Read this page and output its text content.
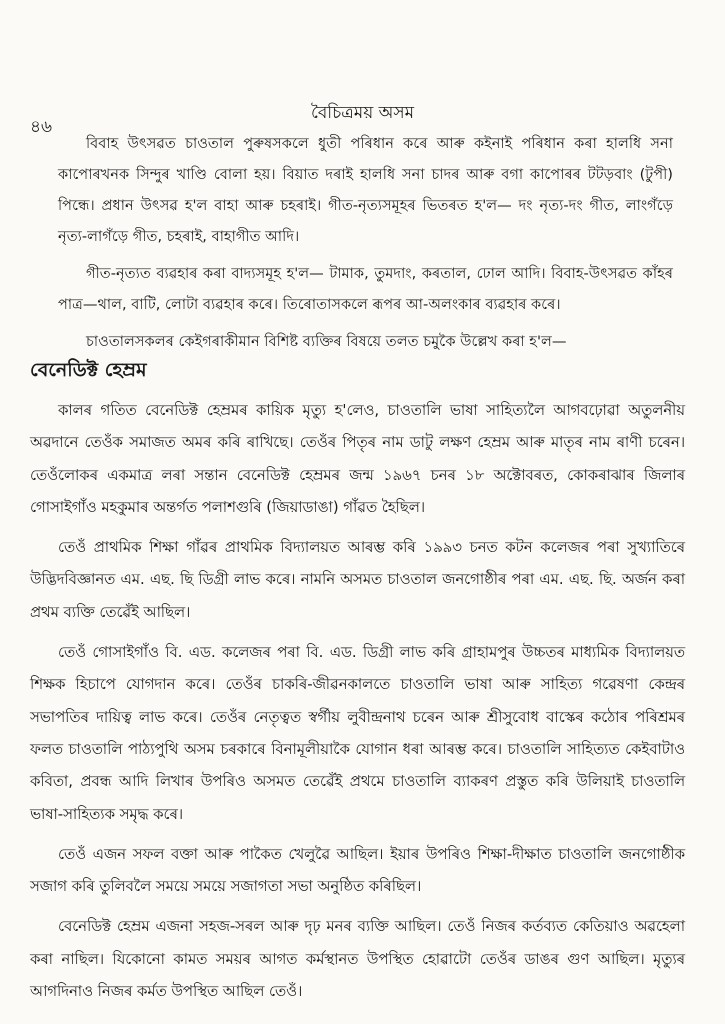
৪৬
বৈচিত্ৰময় অসম

বিবাহ উৎসৱত চাওতাল পুৰুষসকলে ধুতী পৰিধান কৰে আৰু কইনাই পৰিধান কৰা হালধি সনা কাপোৰখনক সিন্দুৰ খাণ্ডি বোলা হয়। বিয়াত দৰাই হালধি সনা চাদৰ আৰু বগা কাপোৰৰ টটড়বাং (টুপী) পিন্ধে। প্ৰধান উৎসৱ হ'ল বাহা আৰু চহৰাই। গীত-নৃত্যসমূহৰ ভিতৰত হ'ল— দং নৃত্য-দং গীত, লাংগঁড়ে নৃত্য-লাগঁড়ে গীত, চহৰাই, বাহাগীত আদি।

গীত-নৃত্যত ব্যৱহাৰ কৰা বাদ্যসমূহ হ'ল— টামাক, তুমদাং, কৰতাল, ঢোল আদি। বিবাহ-উৎসৱত কাঁহৰ পাত্ৰ—থাল, বাটি, লোটা ব্যৱহাৰ কৰে। তিৰোতাসকলে ৰূপৰ আ-অলংকাৰ ব্যৱহাৰ কৰে।

চাওতালসকলৰ কেইগৰাকীমান বিশিষ্ট ব্যক্তিৰ বিষয়ে তলত চমুকৈ উল্লেখ কৰা হ'ল—

বেনেডিক্ট হেম্ৰম

কালৰ গতিত বেনেডিক্ট হেম্ৰমৰ কায়িক মৃত্যু হ'লেও, চাওতালি ভাষা সাহিত্যলৈ আগবঢ়োৱা অতুলনীয় অৱদানে তেওঁক সমাজত অমৰ কৰি ৰাখিছে। তেওঁৰ পিতৃৰ নাম ডাটু লক্ষণ হেম্ৰম আৰু মাতৃৰ নাম ৰাণী চৰেন। তেওঁলোকৰ একমাত্ৰ লৰা সন্তান বেনেডিক্ট হেম্ৰমৰ জন্ম ১৯৬৭ চনৰ ১৮ অক্টোবৰত, কোকৰাঝাৰ জিলাৰ গোসাইগাঁও মহকুমাৰ অন্তৰ্গত পলাশগুৰি (জিয়াডাঙা) গাঁৱত হৈছিল।

তেওঁ প্ৰাথমিক শিক্ষা গাঁৱৰ প্ৰাথমিক বিদ্যালয়ত আৰম্ভ কৰি ১৯৯৩ চনত কটন কলেজৰ পৰা সুখ্যাতিৰে উদ্ভিদবিজ্ঞানত এম. এছ. ছি ডিগ্ৰী লাভ কৰে। নামনি অসমত চাওতাল জনগোষ্ঠীৰ পৰা এম. এছ. ছি. অৰ্জন কৰা প্ৰথম ব্যক্তি তেৱেঁই আছিল।

তেওঁ গোসাইগাঁও বি. এড. কলেজৰ পৰা বি. এড. ডিগ্ৰী লাভ কৰি গ্ৰাহামপুৰ উচ্চতৰ মাধ্যমিক বিদ্যালয়ত শিক্ষক হিচাপে যোগদান কৰে। তেওঁৰ চাকৰি-জীৱনকালতে চাওতালি ভাষা আৰু সাহিত্য গৱেষণা কেন্দ্ৰৰ সভাপতিৰ দায়িত্ব লাভ কৰে। তেওঁৰ নেতৃত্বত স্বৰ্গীয় লুবীন্দ্ৰনাথ চৰেন আৰু শ্ৰীসুবোধ বাস্কেৰ কঠোৰ পৰিশ্ৰমৰ ফলত চাওতালি পাঠ্যপুথি অসম চৰকাৰে বিনামূলীয়াকৈ যোগান ধৰা আৰম্ভ কৰে। চাওতালি সাহিত্যত কেইবাটাও কবিতা, প্ৰবন্ধ আদি লিখাৰ উপৰিও অসমত তেৱেঁই প্ৰথমে চাওতালি ব্যাকৰণ প্ৰস্তুত কৰি উলিয়াই চাওতালি ভাষা-সাহিত্যক সমৃদ্ধ কৰে।

তেওঁ এজন সফল বক্তা আৰু পাকৈত খেলুৱৈ আছিল। ইয়াৰ উপৰিও শিক্ষা-দীক্ষাত চাওতালি জনগোষ্ঠীক সজাগ কৰি তুলিবলৈ সময়ে সময়ে সজাগতা সভা অনুষ্ঠিত কৰিছিল।

বেনেডিক্ট হেম্ৰম এজনা সহজ-সৰল আৰু দৃঢ় মনৰ ব্যক্তি আছিল। তেওঁ নিজৰ কৰ্তব্যত কেতিয়াও অৱহেলা কৰা নাছিল। যিকোনো কামত সময়ৰ আগত কৰ্মস্থানত উপস্থিত হোৱাটো তেওঁৰ ডাঙৰ গুণ আছিল। মৃত্যুৰ আগদিনাও নিজৰ কৰ্মত উপস্থিত আছিল তেওঁ।
